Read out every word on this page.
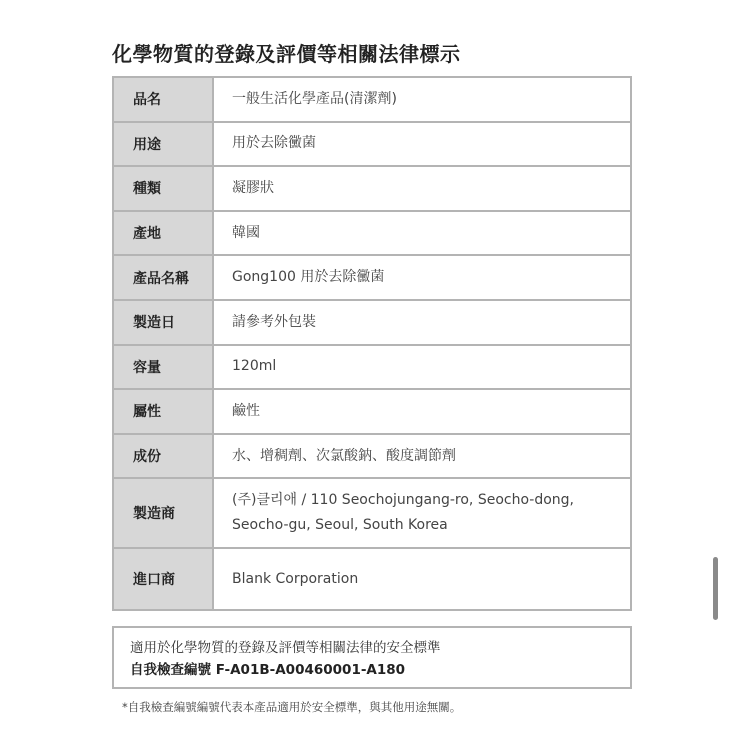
化學物質的登錄及評價等相關法律標示
品名	一般生活化學產品(清潔劑)
用途	用於去除黴菌
種類	凝膠狀
產地	韓國
產品名稱	Gong100 用於去除黴菌
製造日	請參考外包裝
容量	120ml
屬性	鹼性
成份	水、增稠劑、次氯酸鈉、酸度調節劑
製造商	(주)클리애 / 110 Seochojungang-ro, Seocho-dong,
Seocho-gu, Seoul, South Korea

進口商	Blank Corporation
適用於化學物質的登錄及評價等相關法律的安全標準
自我檢查編號 F-A01B-A00460001-A180
*自我檢查編號編號代表本產品適用於安全標準，與其他用途無關。
